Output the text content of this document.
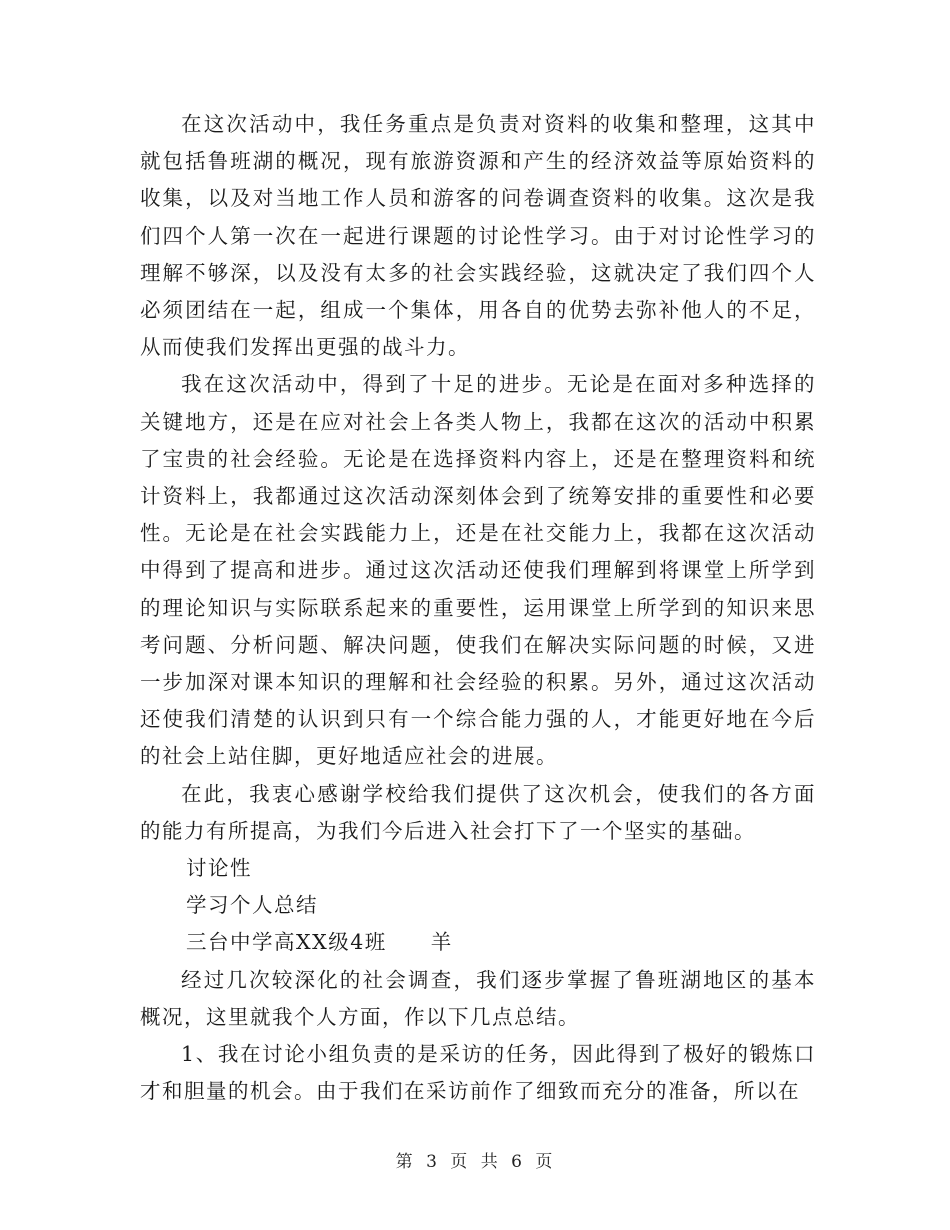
在这次活动中，我任务重点是负责对资料的收集和整理，这其中就包括鲁班湖的概况，现有旅游资源和产生的经济效益等原始资料的收集，以及对当地工作人员和游客的问卷调查资料的收集。这次是我们四个人第一次在一起进行课题的讨论性学习。由于对讨论性学习的理解不够深，以及没有太多的社会实践经验，这就决定了我们四个人必须团结在一起，组成一个集体，用各自的优势去弥补他人的不足，从而使我们发挥出更强的战斗力。

我在这次活动中，得到了十足的进步。无论是在面对多种选择的关键地方，还是在应对社会上各类人物上，我都在这次的活动中积累了宝贵的社会经验。无论是在选择资料内容上，还是在整理资料和统计资料上，我都通过这次活动深刻体会到了统筹安排的重要性和必要性。无论是在社会实践能力上，还是在社交能力上，我都在这次活动中得到了提高和进步。通过这次活动还使我们理解到将课堂上所学到的理论知识与实际联系起来的重要性，运用课堂上所学到的知识来思考问题、分析问题、解决问题，使我们在解决实际问题的时候，又进一步加深对课本知识的理解和社会经验的积累。另外，通过这次活动还使我们清楚的认识到只有一个综合能力强的人，才能更好地在今后的社会上站住脚，更好地适应社会的进展。

在此，我衷心感谢学校给我们提供了这次机会，使我们的各方面的能力有所提高，为我们今后进入社会打下了一个坚实的基础。

讨论性

学习个人总结

三台中学高XX级4班　　羊

经过几次较深化的社会调查，我们逐步掌握了鲁班湖地区的基本概况，这里就我个人方面，作以下几点总结。

1、我在讨论小组负责的是采访的任务，因此得到了极好的锻炼口才和胆量的机会。由于我们在采访前作了细致而充分的准备，所以在

第 3 页 共 6 页
